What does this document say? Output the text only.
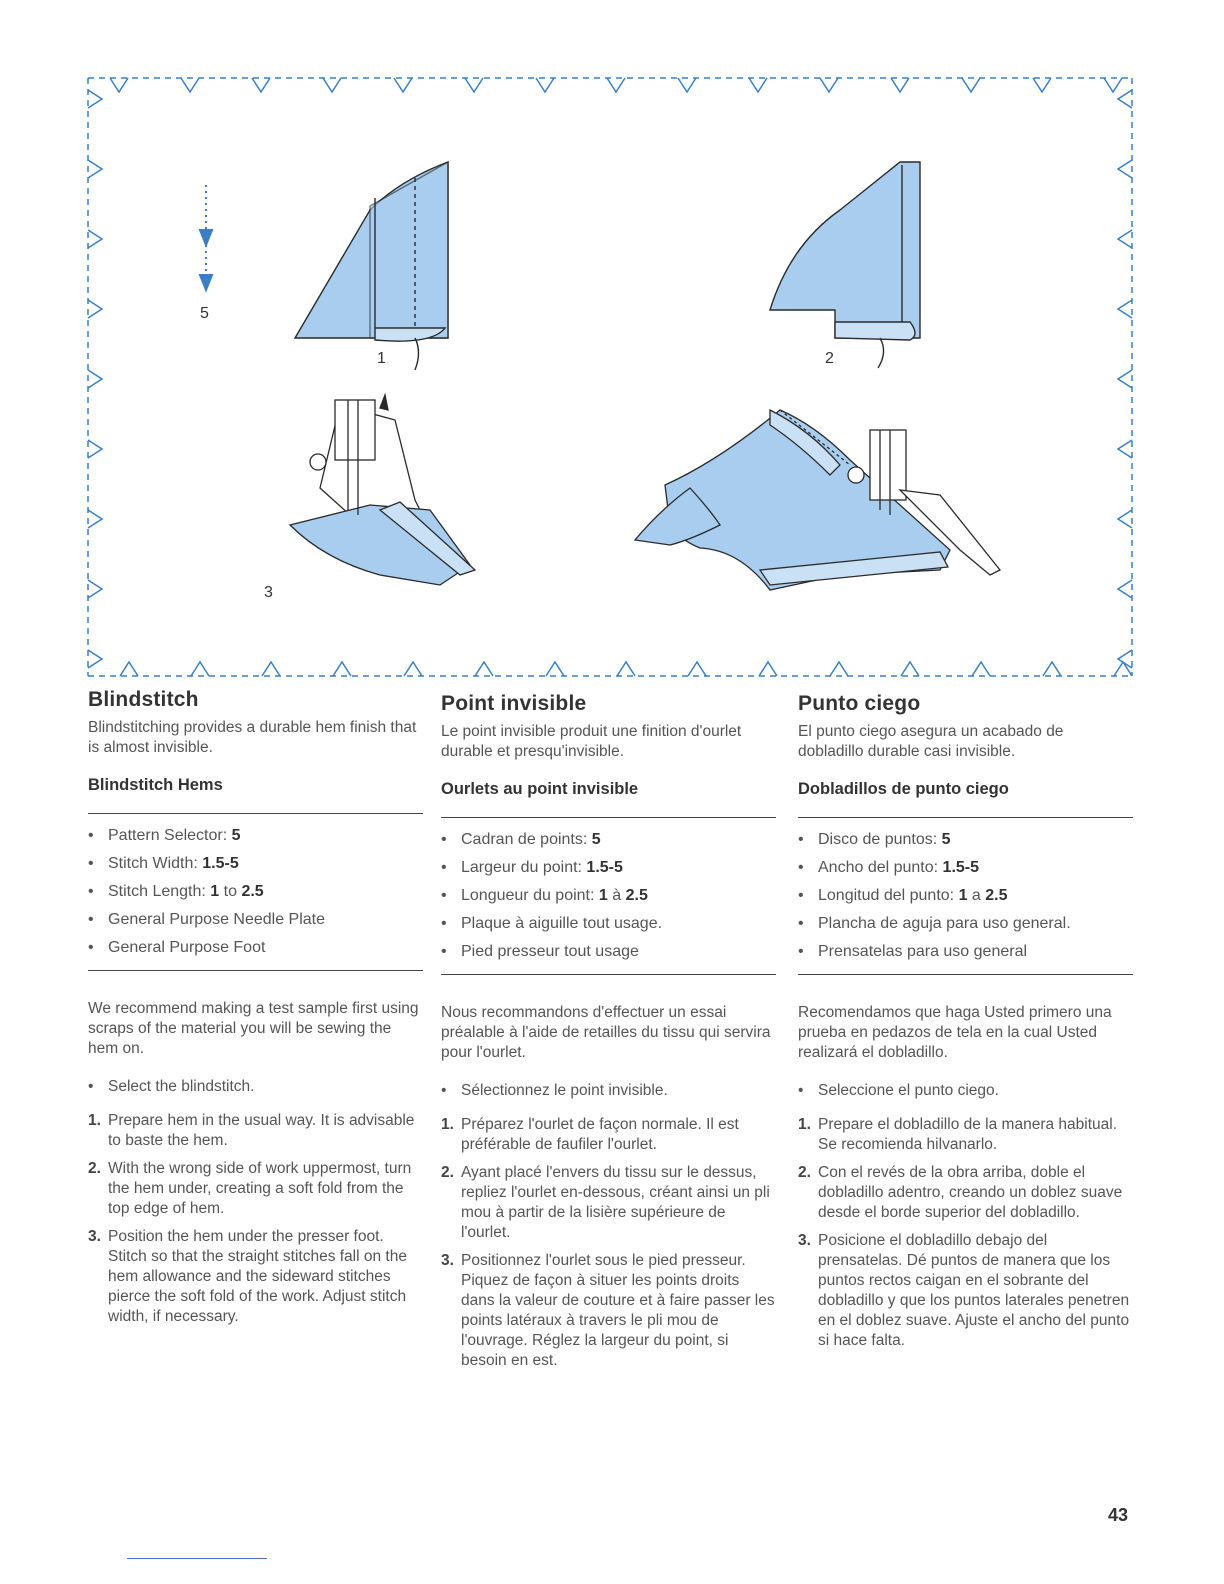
5
1	2
3
Blindstitch

Blindstitching provides a durable hem finish that is almost invisible.

Blindstitch Hems
• Pattern Selector: 5
• Stitch Width: 1.5-5
• Stitch Length: 1 to 2.5
• General Purpose Needle Plate
• General Purpose Foot

We recommend making a test sample first using scraps of the material you will be sewing the hem on.

• Select the blindstitch.
1. Prepare hem in the usual way. It is advisable to baste the hem.
2. With the wrong side of work uppermost, turn the hem under, creating a soft fold from the top edge of hem.
3. Position the hem under the presser foot. Stitch so that the straight stitches fall on the hem allowance and the sideward stitches pierce the soft fold of the work. Adjust stitch width, if necessary.
Point invisible

Le point invisible produit une finition d'ourlet durable et presqu'invisible.

Ourlets au point invisible
• Cadran de points: 5
• Largeur du point: 1.5-5
• Longueur du point: 1 à 2.5
• Plaque à aiguille tout usage.
• Pied presseur tout usage

Nous recommandons d'effectuer un essai préalable à l'aide de retailles du tissu qui servira pour l'ourlet.

• Sélectionnez le point invisible.
1. Préparez l'ourlet de façon normale. Il est préférable de faufiler l'ourlet.
2. Ayant placé l'envers du tissu sur le dessus, repliez l'ourlet en-dessous, créant ainsi un pli mou à partir de la lisière supérieure de l'ourlet.
3. Positionnez l'ourlet sous le pied presseur. Piquez de façon à situer les points droits dans la valeur de couture et à faire passer les points latéraux à travers le pli mou de l'ouvrage. Réglez la largeur du point, si besoin en est.
Punto ciego

El punto ciego asegura un acabado de dobladillo durable casi invisible.

Dobladillos de punto ciego
• Disco de puntos: 5
• Ancho del punto: 1.5-5
• Longitud del punto: 1 a 2.5
• Plancha de aguja para uso general.
• Prensatelas para uso general

Recomendamos que haga Usted primero una prueba en pedazos de tela en la cual Usted realizará el dobladillo.

• Seleccione el punto ciego.
1. Prepare el dobladillo de la manera habitual. Se recomienda hilvanarlo.
2. Con el revés de la obra arriba, doble el dobladillo adentro, creando un doblez suave desde el borde superior del dobladillo.
3. Posicione el dobladillo debajo del prensatelas. Dé puntos de manera que los puntos rectos caigan en el sobrante del dobladillo y que los puntos laterales penetren en el doblez suave. Ajuste el ancho del punto si hace falta.
43
